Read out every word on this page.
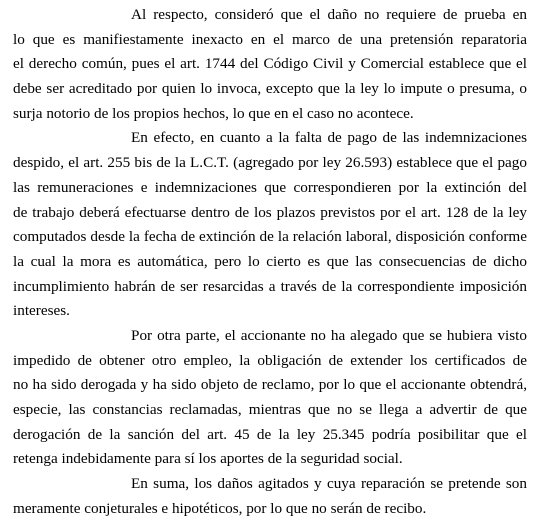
Al respecto, consideró que el daño no requiere de prueba en
lo que es manifiestamente inexacto en el marco de una pretensión reparatoria
el derecho común, pues el art. 1744 del Código Civil y Comercial establece que el
debe ser acreditado por quien lo invoca, excepto que la ley lo impute o presuma, o
surja notorio de los propios hechos, lo que en el caso no acontece.
En efecto, en cuanto a la falta de pago de las indemnizaciones
despido, el art. 255 bis de la L.C.T. (agregado por ley 26.593) establece que el pago
las remuneraciones e indemnizaciones que correspondieren por la extinción del
de trabajo deberá efectuarse dentro de los plazos previstos por el art. 128 de la ley
computados desde la fecha de extinción de la relación laboral, disposición conforme
la cual la mora es automática, pero lo cierto es que las consecuencias de dicho
incumplimiento habrán de ser resarcidas a través de la correspondiente imposición
intereses.
Por otra parte, el accionante no ha alegado que se hubiera visto
impedido de obtener otro empleo, la obligación de extender los certificados de
no ha sido derogada y ha sido objeto de reclamo, por lo que el accionante obtendrá,
especie, las constancias reclamadas, mientras que no se llega a advertir de que
derogación de la sanción del art. 45 de la ley 25.345 podría posibilitar que el
retenga indebidamente para sí los aportes de la seguridad social.
En suma, los daños agitados y cuya reparación se pretende son
meramente conjeturales e hipotéticos, por lo que no serán de recibo.
